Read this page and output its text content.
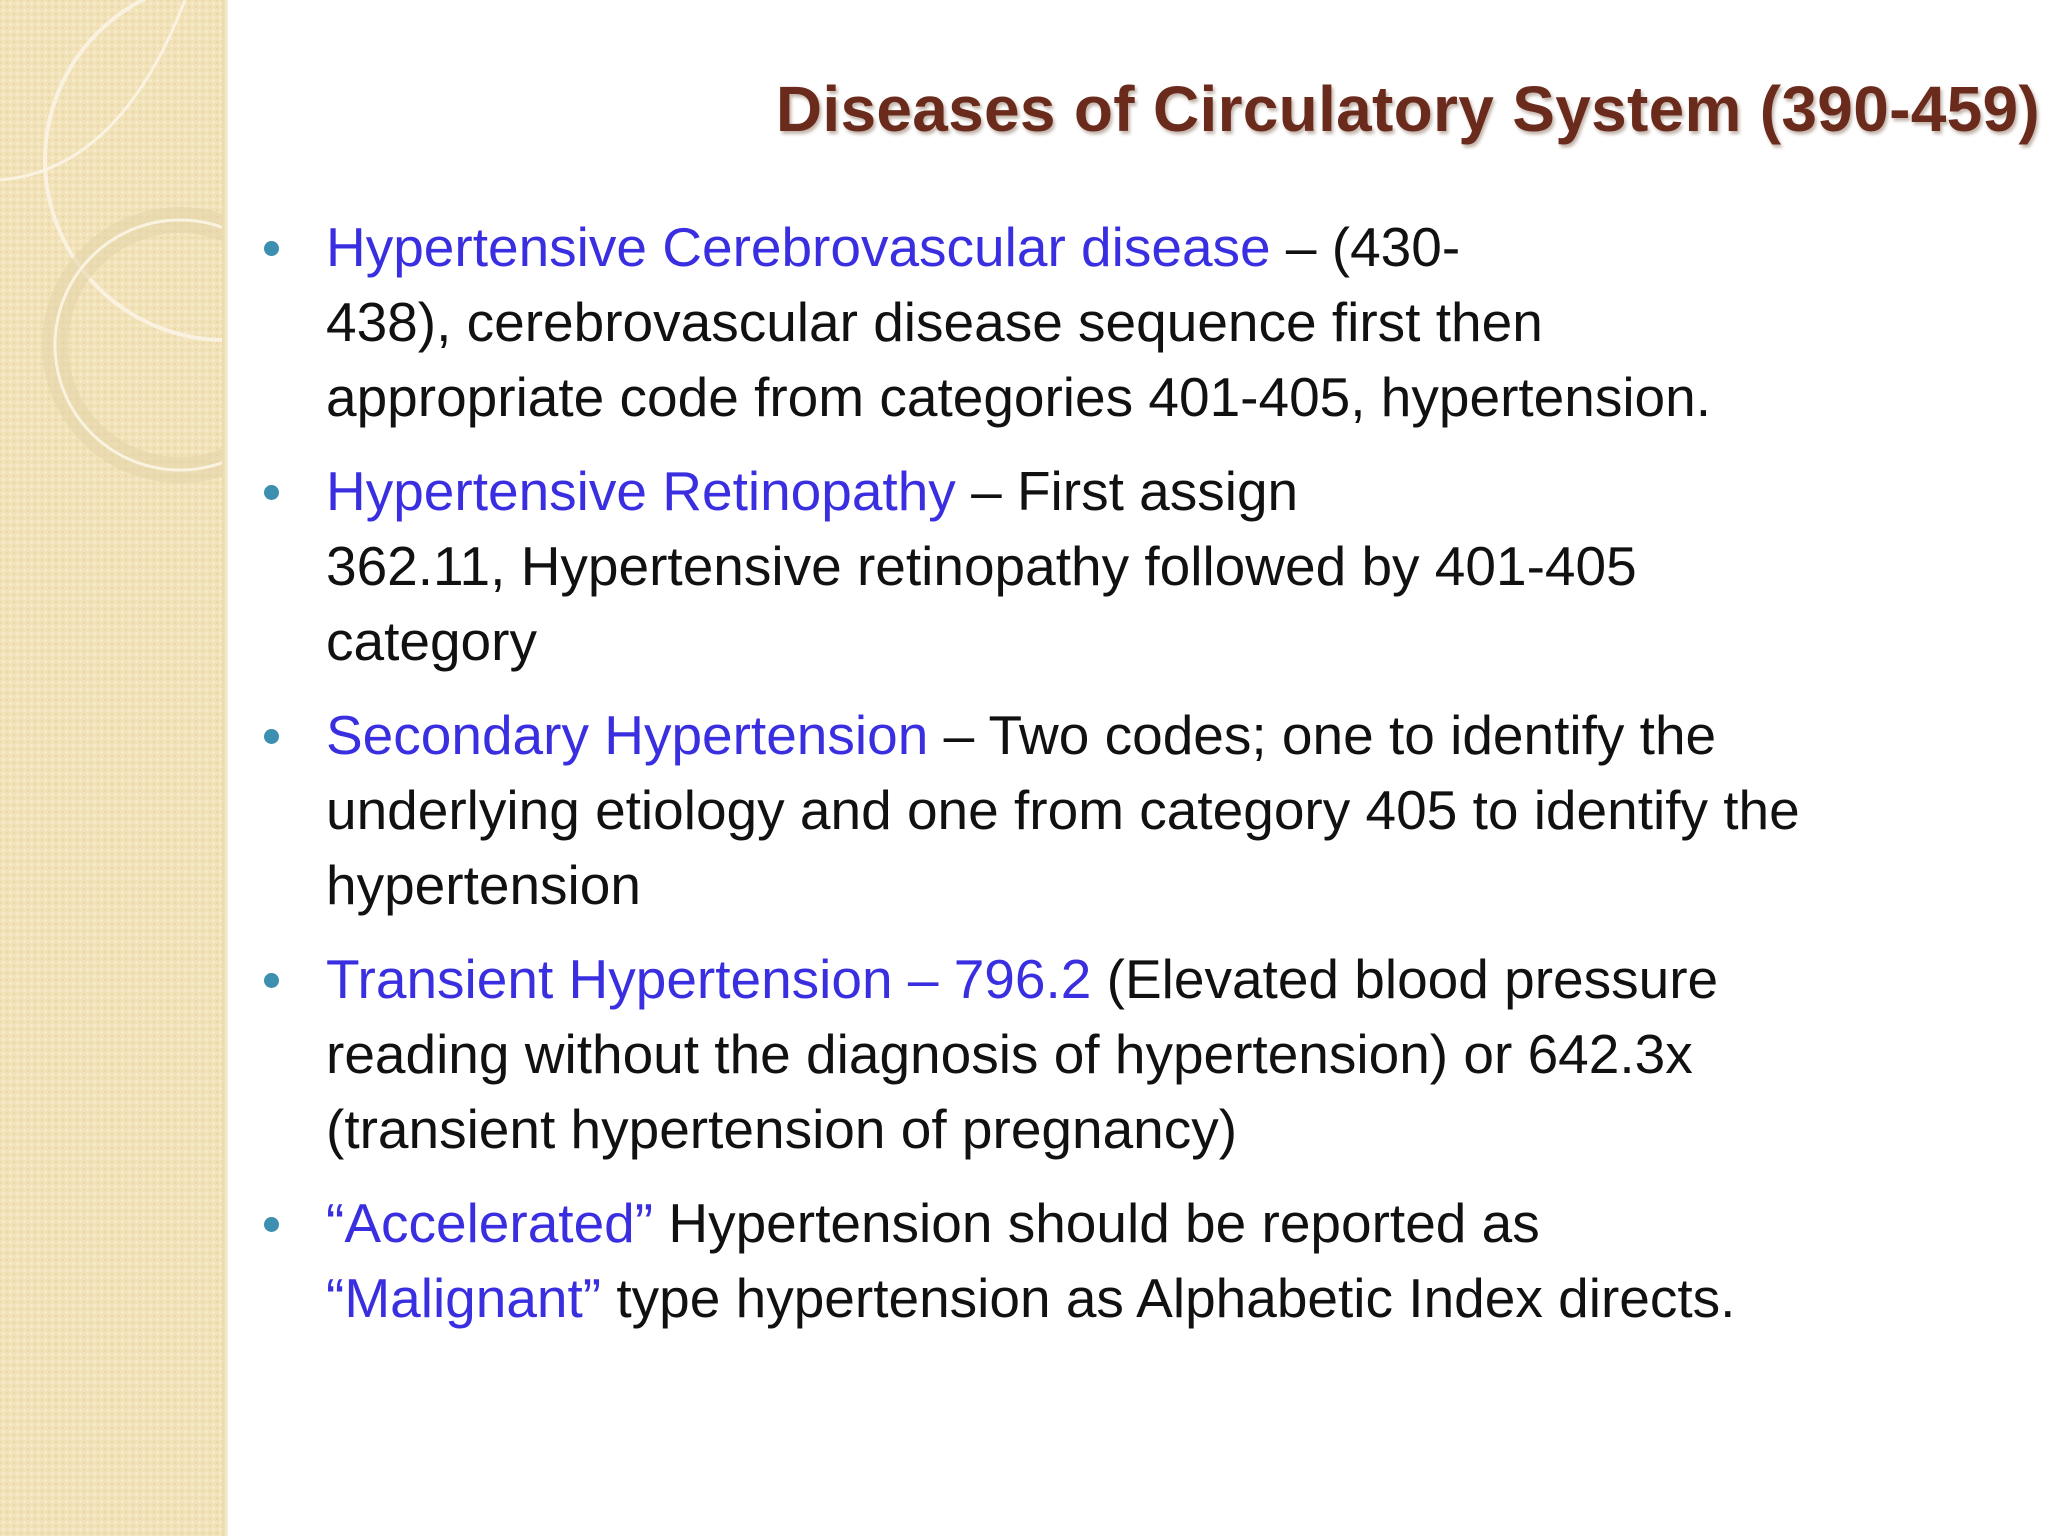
Diseases of Circulatory System (390-459)
Hypertensive Cerebrovascular disease – (430-
438), cerebrovascular disease sequence first then
appropriate code from categories 401-405, hypertension.
Hypertensive Retinopathy – First assign
362.11, Hypertensive retinopathy followed by 401-405
category
Secondary Hypertension – Two codes; one to identify the
underlying etiology and one from category 405 to identify the
hypertension
Transient Hypertension – 796.2 (Elevated blood pressure
reading without the diagnosis of hypertension) or 642.3x
(transient hypertension of pregnancy)
“Accelerated” Hypertension should be reported as
“Malignant” type hypertension as Alphabetic Index directs.
